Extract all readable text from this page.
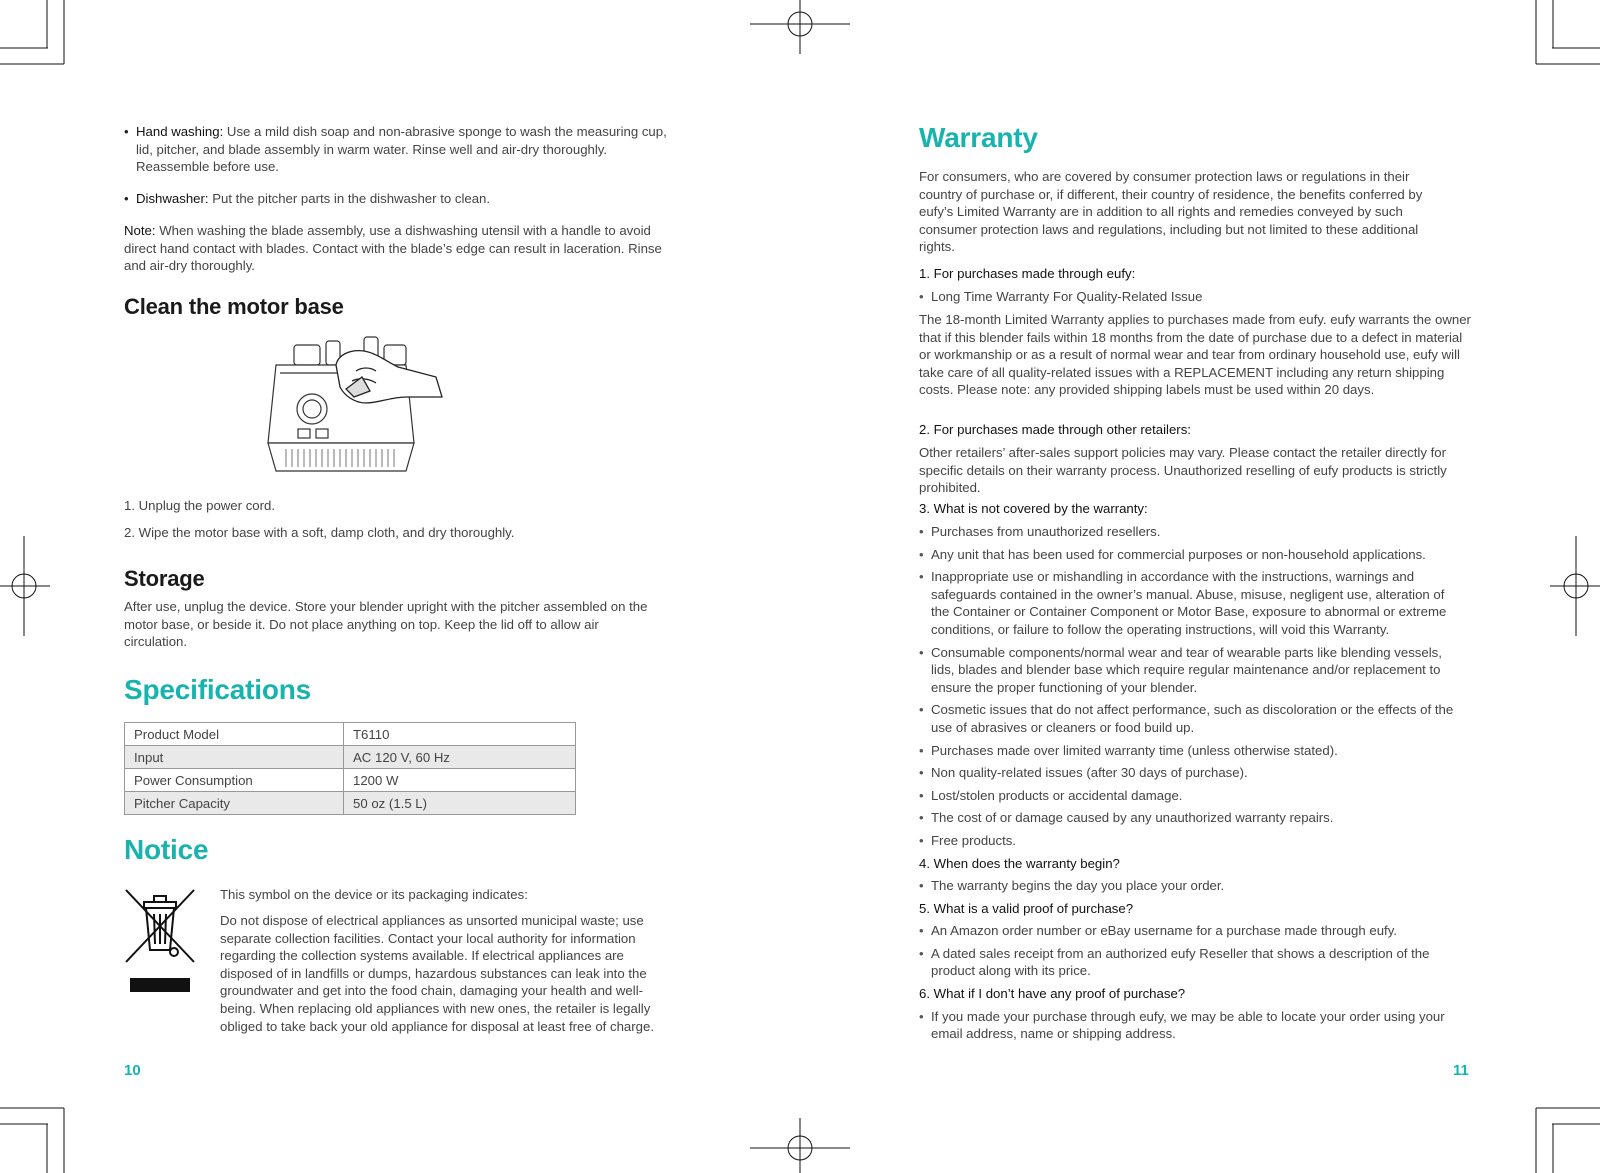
• Hand washing: Use a mild dish soap and non-abrasive sponge to wash the measuring cup, lid, pitcher, and blade assembly in warm water. Rinse well and air-dry thoroughly. Reassemble before use.
• Dishwasher: Put the pitcher parts in the dishwasher to clean.
Note: When washing the blade assembly, use a dishwashing utensil with a handle to avoid direct hand contact with blades. Contact with the blade’s edge can result in laceration. Rinse and air-dry thoroughly.
Clean the motor base
1. Unplug the power cord.
2. Wipe the motor base with a soft, damp cloth, and dry thoroughly.
Storage
After use, unplug the device. Store your blender upright with the pitcher assembled on the motor base, or beside it. Do not place anything on top. Keep the lid off to allow air circulation.
Specifications
Product Model	T6110
Input	AC 120 V, 60 Hz
Power Consumption	1200 W
Pitcher Capacity	50 oz (1.5 L)
Notice
This symbol on the device or its packaging indicates:
Do not dispose of electrical appliances as unsorted municipal waste; use separate collection facilities. Contact your local authority for information regarding the collection systems available. If electrical appliances are disposed of in landfills or dumps, hazardous substances can leak into the groundwater and get into the food chain, damaging your health and well-being. When replacing old appliances with new ones, the retailer is legally obliged to take back your old appliance for disposal at least free of charge.
10
Warranty
For consumers, who are covered by consumer protection laws or regulations in their country of purchase or, if different, their country of residence, the benefits conferred by eufy’s Limited Warranty are in addition to all rights and remedies conveyed by such consumer protection laws and regulations, including but not limited to these additional rights.
1. For purchases made through eufy:
• Long Time Warranty For Quality-Related Issue
The 18-month Limited Warranty applies to purchases made from eufy. eufy warrants the owner that if this blender fails within 18 months from the date of purchase due to a defect in material or workmanship or as a result of normal wear and tear from ordinary household use, eufy will take care of all quality-related issues with a REPLACEMENT including any return shipping costs. Please note: any provided shipping labels must be used within 20 days.
2. For purchases made through other retailers:
Other retailers’ after-sales support policies may vary. Please contact the retailer directly for specific details on their warranty process. Unauthorized reselling of eufy products is strictly prohibited.
3. What is not covered by the warranty:
• Purchases from unauthorized resellers.
• Any unit that has been used for commercial purposes or non-household applications.
• Inappropriate use or mishandling in accordance with the instructions, warnings and safeguards contained in the owner’s manual. Abuse, misuse, negligent use, alteration of the Container or Container Component or Motor Base, exposure to abnormal or extreme conditions, or failure to follow the operating instructions, will void this Warranty.
• Consumable components/normal wear and tear of wearable parts like blending vessels, lids, blades and blender base which require regular maintenance and/or replacement to ensure the proper functioning of your blender.
• Cosmetic issues that do not affect performance, such as discoloration or the effects of the use of abrasives or cleaners or food build up.
• Purchases made over limited warranty time (unless otherwise stated).
• Non quality-related issues (after 30 days of purchase).
• Lost/stolen products or accidental damage.
• The cost of or damage caused by any unauthorized warranty repairs.
• Free products.
4. When does the warranty begin?
• The warranty begins the day you place your order.
5. What is a valid proof of purchase?
• An Amazon order number or eBay username for a purchase made through eufy.
• A dated sales receipt from an authorized eufy Reseller that shows a description of the product along with its price.
6. What if I don’t have any proof of purchase?
• If you made your purchase through eufy, we may be able to locate your order using your email address, name or shipping address.
11
